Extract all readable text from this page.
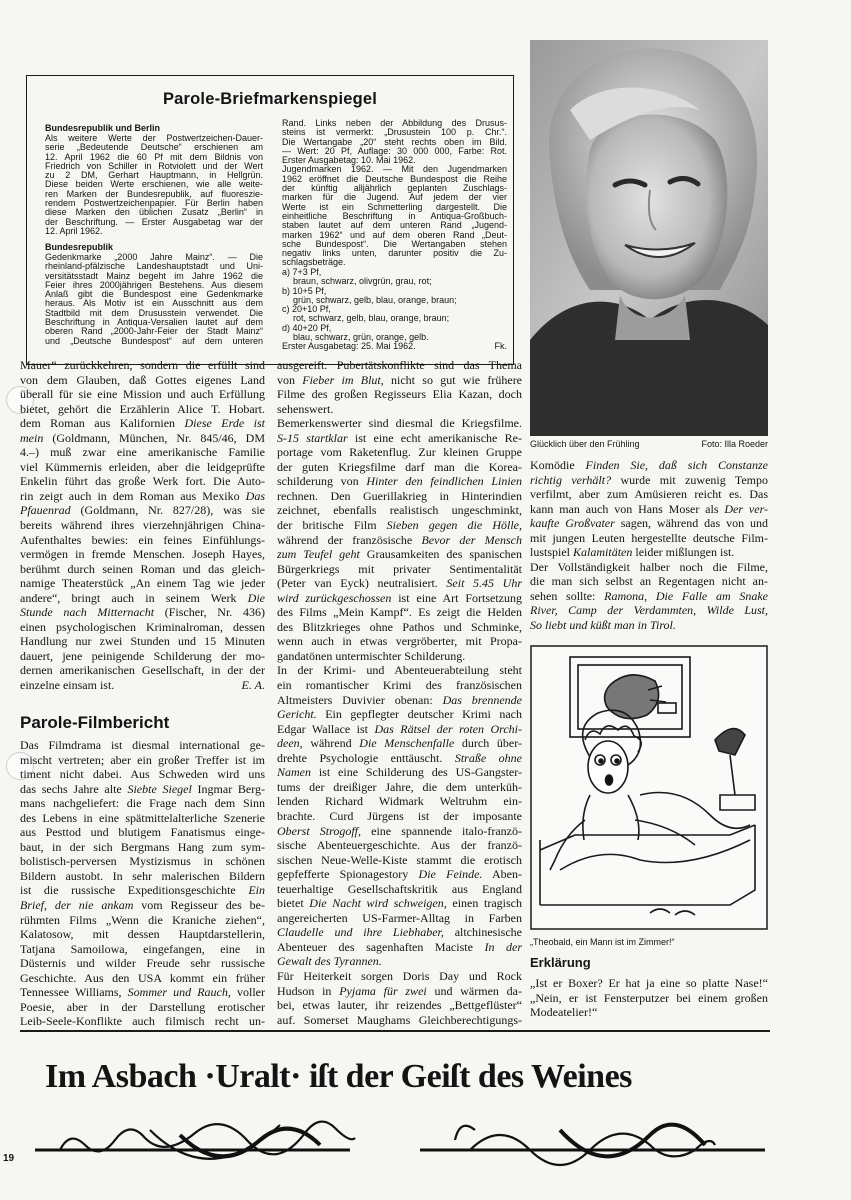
Parole-Briefmarkenspiegel
Bundesrepublik und Berlin
Als weitere Werte der Postwertzeichen-Dauer-
serie „Bedeutende Deutsche“ erschienen am
12. April 1962 die 60 Pf mit dem Bildnis von
Friedrich von Schiller in Rotviolett und der Wert
zu 2 DM, Gerhart Hauptmann, in Hellgrün.
Diese beiden Werte erschienen, wie alle weite-
ren Marken der Bundesrepublik, auf fluoreszie-
rendem Postwertzeichenpapier. Für Berlin haben
diese Marken den üblichen Zusatz „Berlin“ in
der Beschriftung. — Erster Ausgabetag war der
12. April 1962.
Bundesrepublik
Gedenkmarke „2000 Jahre Mainz“. — Die
rheinland-pfälzische Landeshauptstadt und Uni-
versitätsstadt Mainz begeht im Jahre 1962 die
Feier ihres 2000jährigen Bestehens. Aus diesem
Anlaß gibt die Bundespost eine Gedenkmarke
heraus. Als Motiv ist ein Ausschnitt aus dem
Stadtbild mit dem Drususstein verwendet. Die
Beschriftung in Antiqua-Versalien lautet auf dem
oberen Rand „2000-Jahr-Feier der Stadt Mainz“
und „Deutsche Bundespost“ auf dem unteren
Rand. Links neben der Abbildung des Drusus-
steins ist vermerkt: „Drusustein 100 p. Chr.“.
Die Wertangabe „20“ steht rechts oben im Bild.
— Wert: 20 Pf, Auflage: 30 000 000, Farbe: Rot.
Erster Ausgabetag: 10. Mai 1962.
Jugendmarken 1962. — Mit den Jugendmarken
1962 eröffnet die Deutsche Bundespost die Reihe
der künftig alljährlich geplanten Zuschlags-
marken für die Jugend. Auf jedem der vier
Werte ist ein Schmetterling dargestellt. Die
einheitliche Beschriftung in Antiqua-Großbuch-
staben lautet auf dem unteren Rand „Jugend-
marken 1962“ und auf dem oberen Rand „Deut-
sche Bundespost“. Die Wertangaben stehen
negativ links unten, darunter positiv die Zu-
schlagsbeträge.
a) 7+3 Pf,
braun, schwarz, olivgrün, grau, rot;
b) 10+5 Pf,
grün, schwarz, gelb, blau, orange, braun;
c) 20+10 Pf,
rot, schwarz, gelb, blau, orange, braun;
d) 40+20 Pf,
blau, schwarz, grün, orange, gelb.
Erster Ausgabetag: 25. Mai 1962.	Fk.
Glücklich über den Frühling	Foto: Illa Roeder
Mauer“ zurückkehren, sondern die erfüllt sind
von dem Glauben, daß Gottes eigenes Land
überall für sie eine Mission und auch Erfüllung
bietet, gehört die Erzählerin Alice T. Hobart.
dem Roman aus Kalifornien Diese Erde ist
mein (Goldmann, München, Nr. 845/46, DM
4.–) muß zwar eine amerikanische Familie
viel Kümmernis erleiden, aber die leidgeprüfte
Enkelin führt das große Werk fort. Die Auto-
rin zeigt auch in dem Roman aus Mexiko Das
Pfauenrad (Goldmann, Nr. 827/28), was sie
bereits während ihres vierzehnjährigen China-
Aufenthaltes bewies: ein feines Einfühlungs-
vermögen in fremde Menschen. Joseph Hayes,
berühmt durch seinen Roman und das gleich-
namige Theaterstück „An einem Tag wie jeder
andere“, bringt auch in seinem Werk Die
Stunde nach Mitternacht (Fischer, Nr. 436)
einen psychologischen Kriminalroman, dessen
Handlung nur zwei Stunden und 15 Minuten
dauert, jene peinigende Schilderung der mo-
dernen amerikanischen Gesellschaft, in der der
einzelne einsam ist.	E. A.
Parole-Filmbericht
Das Filmdrama ist diesmal international ge-
mischt vertreten; aber ein großer Treffer ist im
timent nicht dabei. Aus Schweden wird uns
das sechs Jahre alte Siebte Siegel Ingmar Berg-
mans nachgeliefert: die Frage nach dem Sinn
des Lebens in eine spätmittelalterliche Szenerie
aus Pesttod und blutigem Fanatismus einge-
baut, in der sich Bergmans Hang zum sym-
bolistisch-perversen Mystizismus in schönen
Bildern austobt. In sehr malerischen Bildern
ist die russische Expeditionsgeschichte Ein
Brief, der nie ankam vom Regisseur des be-
rühmten Films „Wenn die Kraniche ziehen“,
Kalatosow, mit dessen Hauptdarstellerin,
Tatjana Samoilowa, eingefangen, eine in
Düsternis und wilder Freude sehr russische
Geschichte. Aus den USA kommt ein früher
Tennessee Williams, Sommer und Rauch, voller
Poesie, aber in der Darstellung erotischer
Leib-Seele-Konflikte auch filmisch recht un-
ausgereift. Pubertätskonflikte sind das Thema
von Fieber im Blut, nicht so gut wie frühere
Filme des großen Regisseurs Elia Kazan, doch
sehenswert.
Bemerkenswerter sind diesmal die Kriegsfilme.
S-15 startklar ist eine echt amerikanische Re-
portage vom Raketenflug. Zur kleinen Gruppe
der guten Kriegsfilme darf man die Korea-
schilderung von Hinter den feindlichen Linien
rechnen. Den Guerillakrieg in Hinterindien
zeichnet, ebenfalls realistisch ungeschminkt,
der britische Film Sieben gegen die Hölle,
während der französische Bevor der Mensch
zum Teufel geht Grausamkeiten des spanischen
Bürgerkriegs mit privater Sentimentalität
(Peter van Eyck) neutralisiert. Seit 5.45 Uhr
wird zurückgeschossen ist eine Art Fortsetzung
des Films „Mein Kampf“. Es zeigt die Helden
des Blitzkrieges ohne Pathos und Schminke,
wenn auch in etwas vergröberter, mit Propa-
gandatönen untermischter Schilderung.
In der Krimi- und Abenteuerabteilung steht
ein romantischer Krimi des französischen
Altmeisters Duvivier obenan: Das brennende
Gericht. Ein gepflegter deutscher Krimi nach
Edgar Wallace ist Das Rätsel der roten Orchi-
deen, während Die Menschenfalle durch über-
drehte Psychologie enttäuscht. Straße ohne
Namen ist eine Schilderung des US-Gangster-
tums der dreißiger Jahre, die dem unterküh-
lenden Richard Widmark Weltruhm ein-
brachte. Curd Jürgens ist der imposante
Oberst Strogoff, eine spannende italo-franzö-
sische Abenteuergeschichte. Aus der franzö-
sischen Neue-Welle-Kiste stammt die erotisch
gepfefferte Spionagestory Die Feinde. Aben-
teuerhaltige Gesellschaftskritik aus England
bietet Die Nacht wird schweigen, einen tragisch
angereicherten US-Farmer-Alltag in Farben
Claudelle und ihre Liebhaber, altchinesische
Abenteuer des sagenhaften Maciste In der
Gewalt des Tyrannen.
Für Heiterkeit sorgen Doris Day und Rock
Hudson in Pyjama für zwei und wärmen da-
bei, etwas lauter, ihr reizendes „Bettgeflüster“
auf. Somerset Maughams Gleichberechtigungs-
Komödie Finden Sie, daß sich Constanze
richtig verhält? wurde mit zuwenig Tempo
verfilmt, aber zum Amüsieren reicht es. Das
kann man auch von Hans Moser als Der ver-
kaufte Großvater sagen, während das von und
mit jungen Leuten hergestellte deutsche Film-
lustspiel Kalamitäten leider mißlungen ist.
Der Vollständigkeit halber noch die Filme,
die man sich selbst an Regentagen nicht an-
sehen sollte: Ramona, Die Falle am Snake
River, Camp der Verdammten, Wilde Lust,
So liebt und küßt man in Tirol.
„Theobald, ein Mann ist im Zimmer!“
Erklärung
„Ist er Boxer? Er hat ja eine so platte Nase!“
„Nein, er ist Fensterputzer bei einem großen
Modeatelier!“
Im Asbach ·Uralt· iſt der Geiſt des Weines
19
